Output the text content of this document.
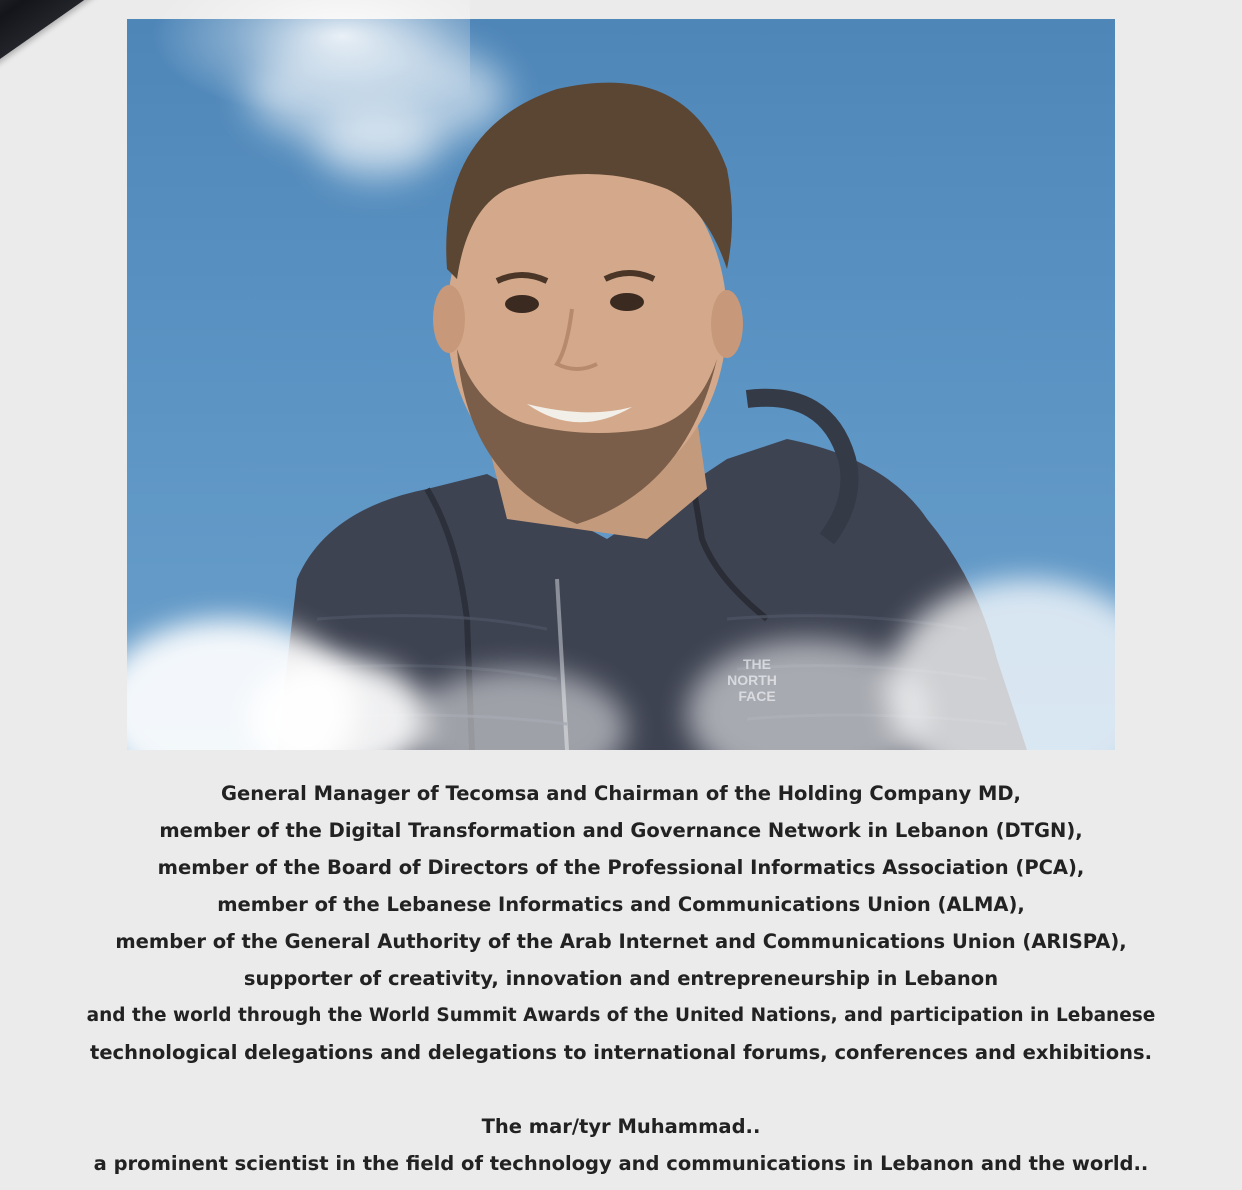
General Manager of Tecomsa and Chairman of the Holding Company MD,
member of the Digital Transformation and Governance Network in Lebanon (DTGN),
member of the Board of Directors of the Professional Informatics Association (PCA),
member of the Lebanese Informatics and Communications Union (ALMA),
member of the General Authority of the Arab Internet and Communications Union (ARISPA),
supporter of creativity, innovation and entrepreneurship in Lebanon
and the world through the World Summit Awards of the United Nations, and participation in Lebanese
technological delegations and delegations to international forums, conferences and exhibitions.
The mar/tyr Muhammad..
a prominent scientist in the field of technology and communications in Lebanon and the world..
